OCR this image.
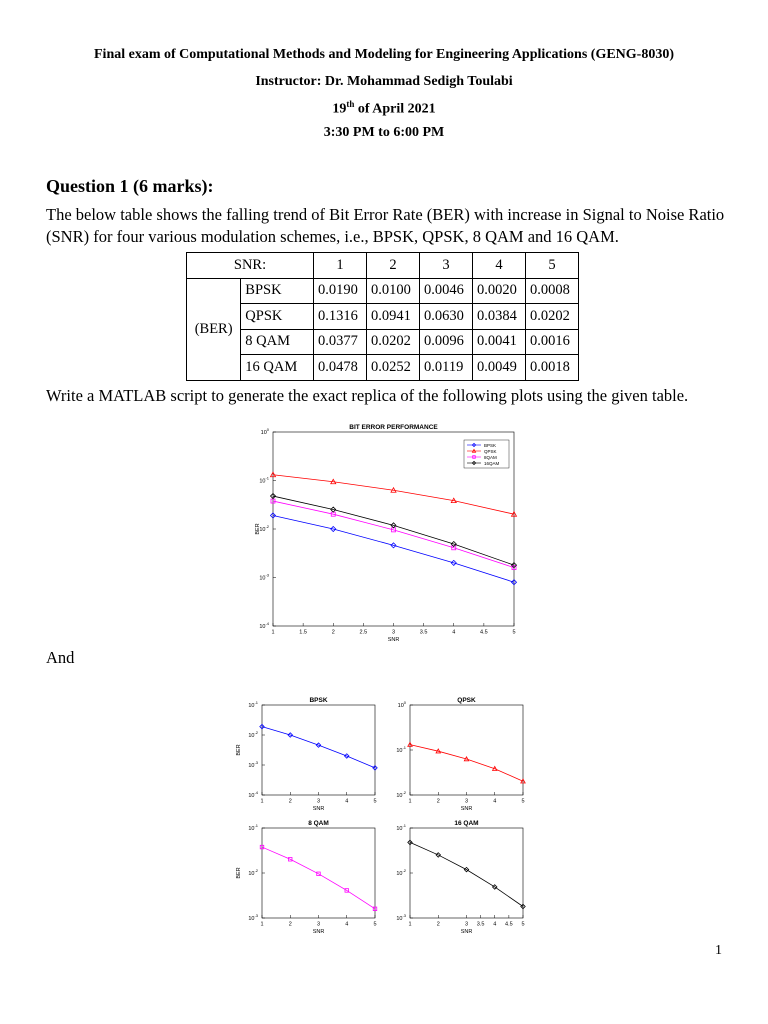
Final exam of Computational Methods and Modeling for Engineering Applications (GENG-8030)
Instructor: Dr. Mohammad Sedigh Toulabi
19th of April 2021
3:30 PM to 6:00 PM
Question 1 (6 marks):
The below table shows the falling trend of Bit Error Rate (BER) with increase in Signal to Noise Ratio (SNR) for four various modulation schemes, i.e., BPSK, QPSK, 8 QAM and 16 QAM.
SNR:		1	2	3	4	5
(BER)	BPSK	0.0190	0.0100	0.0046	0.0020	0.0008
	QPSK	0.1316	0.0941	0.0630	0.0384	0.0202
	8 QAM	0.0377	0.0202	0.0096	0.0041	0.0016
	16 QAM	0.0478	0.0252	0.0119	0.0049	0.0018
Write a MATLAB script to generate the exact replica of the following plots using the given table.
BIT ERROR PERFORMANCE
$10^0$
$10^{-1}$
$10^{-2}$
$10^{-3}$
$10^{-4}$
1	1.5	2	2.5	3	3.5	4	4.5	5
SNR
BER
BPSK
QPSK
8QAM
16QAM
And
BPSK
$10^{-1}$
$10^{-2}$
$10^{-3}$
$10^{-4}$
1	2	3	4	5
SNR
BER
QPSK
$10^0$
$10^{-1}$
$10^{-2}$
1	2	3	4	5
SNR
8 QAM
$10^{-1}$
$10^{-2}$
$10^{-3}$
1	2	3	4	5
SNR
BER
16 QAM
$10^{-1}$
$10^{-2}$
$10^{-3}$
1	2	3 3.5 4 4.5 5
SNR
1
